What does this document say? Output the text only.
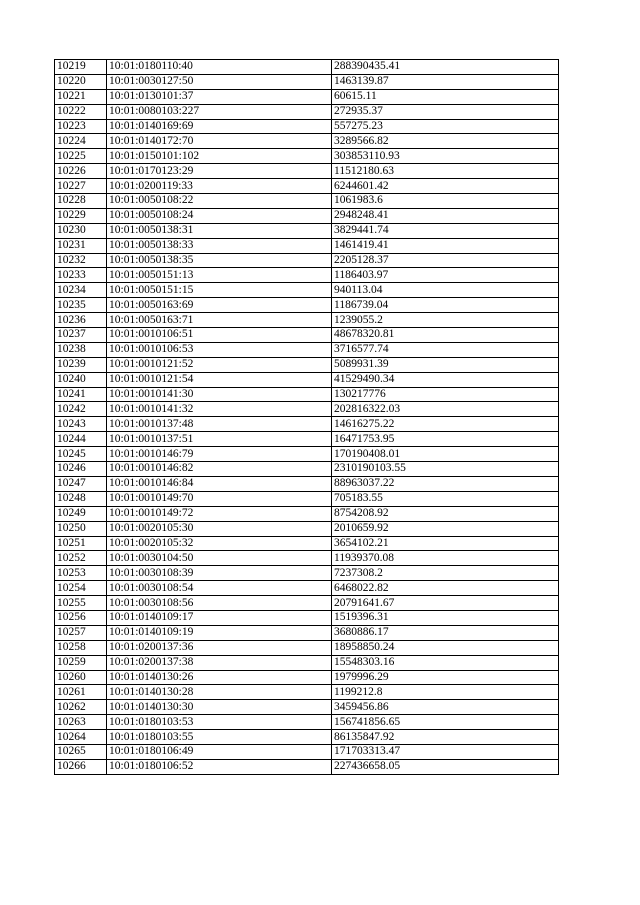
10219	10:01:0180110:40	288390435.41
10220	10:01:0030127:50	1463139.87
10221	10:01:0130101:37	60615.11
10222	10:01:0080103:227	272935.37
10223	10:01:0140169:69	557275.23
10224	10:01:0140172:70	3289566.82
10225	10:01:0150101:102	303853110.93
10226	10:01:0170123:29	11512180.63
10227	10:01:0200119:33	6244601.42
10228	10:01:0050108:22	1061983.6
10229	10:01:0050108:24	2948248.41
10230	10:01:0050138:31	3829441.74
10231	10:01:0050138:33	1461419.41
10232	10:01:0050138:35	2205128.37
10233	10:01:0050151:13	1186403.97
10234	10:01:0050151:15	940113.04
10235	10:01:0050163:69	1186739.04
10236	10:01:0050163:71	1239055.2
10237	10:01:0010106:51	48678320.81
10238	10:01:0010106:53	3716577.74
10239	10:01:0010121:52	5089931.39
10240	10:01:0010121:54	41529490.34
10241	10:01:0010141:30	130217776
10242	10:01:0010141:32	202816322.03
10243	10:01:0010137:48	14616275.22
10244	10:01:0010137:51	16471753.95
10245	10:01:0010146:79	170190408.01
10246	10:01:0010146:82	2310190103.55
10247	10:01:0010146:84	88963037.22
10248	10:01:0010149:70	705183.55
10249	10:01:0010149:72	8754208.92
10250	10:01:0020105:30	2010659.92
10251	10:01:0020105:32	3654102.21
10252	10:01:0030104:50	11939370.08
10253	10:01:0030108:39	7237308.2
10254	10:01:0030108:54	6468022.82
10255	10:01:0030108:56	20791641.67
10256	10:01:0140109:17	1519396.31
10257	10:01:0140109:19	3680886.17
10258	10:01:0200137:36	18958850.24
10259	10:01:0200137:38	15548303.16
10260	10:01:0140130:26	1979996.29
10261	10:01:0140130:28	1199212.8
10262	10:01:0140130:30	3459456.86
10263	10:01:0180103:53	156741856.65
10264	10:01:0180103:55	86135847.92
10265	10:01:0180106:49	171703313.47
10266	10:01:0180106:52	227436658.05
